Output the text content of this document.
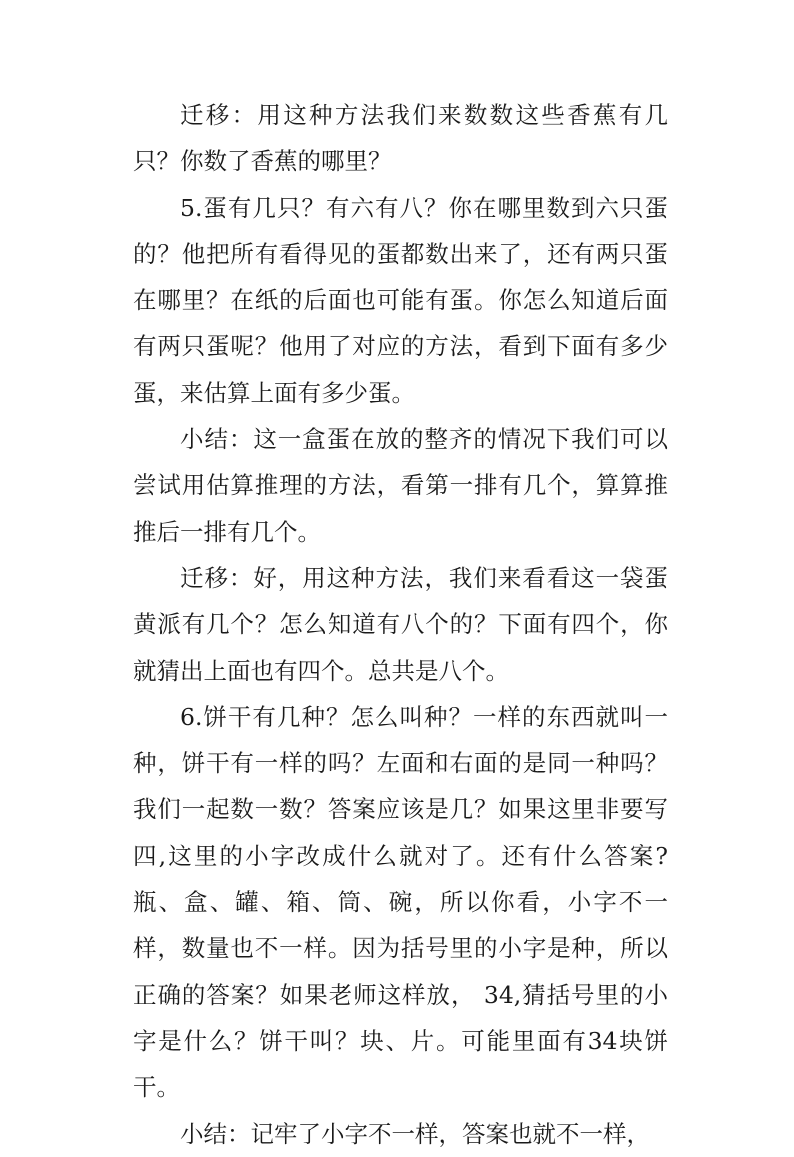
迁移：用这种方法我们来数数这些香蕉有几只？你数了香蕉的哪里？

5.蛋有几只？有六有八？你在哪里数到六只蛋的？他把所有看得见的蛋都数出来了，还有两只蛋在哪里？在纸的后面也可能有蛋。你怎么知道后面有两只蛋呢？他用了对应的方法，看到下面有多少蛋，来估算上面有多少蛋。

小结：这一盒蛋在放的整齐的情况下我们可以尝试用估算推理的方法，看第一排有几个，算算推推后一排有几个。

迁移：好，用这种方法，我们来看看这一袋蛋黄派有几个？怎么知道有八个的？下面有四个，你就猜出上面也有四个。总共是八个。

6.饼干有几种？怎么叫种？一样的东西就叫一种，饼干有一样的吗？左面和右面的是同一种吗？我们一起数一数？答案应该是几？如果这里非要写四,这里的小字改成什么就对了。还有什么答案?瓶、盒、罐、箱、筒、碗，所以你看，小字不一样，数量也不一样。因为括号里的小字是种，所以正确的答案？如果老师这样放， 34,猜括号里的小字是什么？饼干叫？块、片。可能里面有34块饼干。

小结：记牢了小字不一样，答案也就不一样，
